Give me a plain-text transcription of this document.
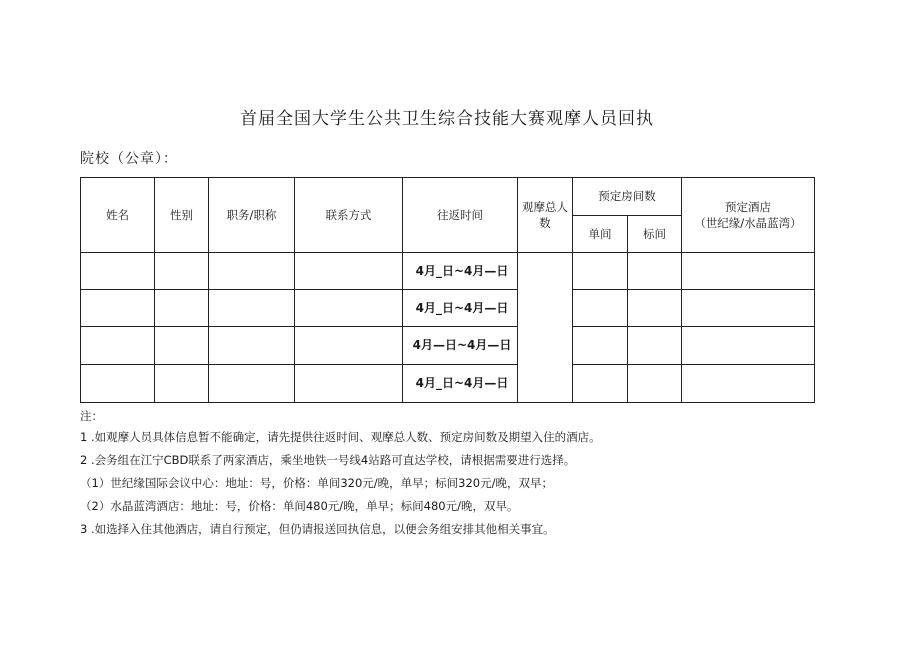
首届全国大学生公共卫生综合技能大赛观摩人员回执
院校（公章）：
姓名	性别	职务/职称	联系方式	往返时间	观摩总人数	预定房间数		预定酒店
（世纪缘/水晶蓝湾）

						单间	标间	
				4月_日~4月—日				
				4月_日~4月—日				
				4月—日~4月—日				
				4月_日~4月—日				

注：

1 .如观摩人员具体信息暂不能确定，请先提供往返时间、观摩总人数、预定房间数及期望入住的酒店。

2 .会务组在江宁CBD联系了两家酒店，乘坐地铁一号线4站路可直达学校，请根据需要进行选择。

（1）世纪缘国际会议中心：地址：号，价格：单间320元/晚，单早；标间320元/晚，双早；

（2）水晶蓝湾酒店：地址：号，价格：单间480元/晚，单早；标间480元/晚，双早。

3 .如选择入住其他酒店，请自行预定，但仍请报送回执信息，以便会务组安排其他相关事宜。
